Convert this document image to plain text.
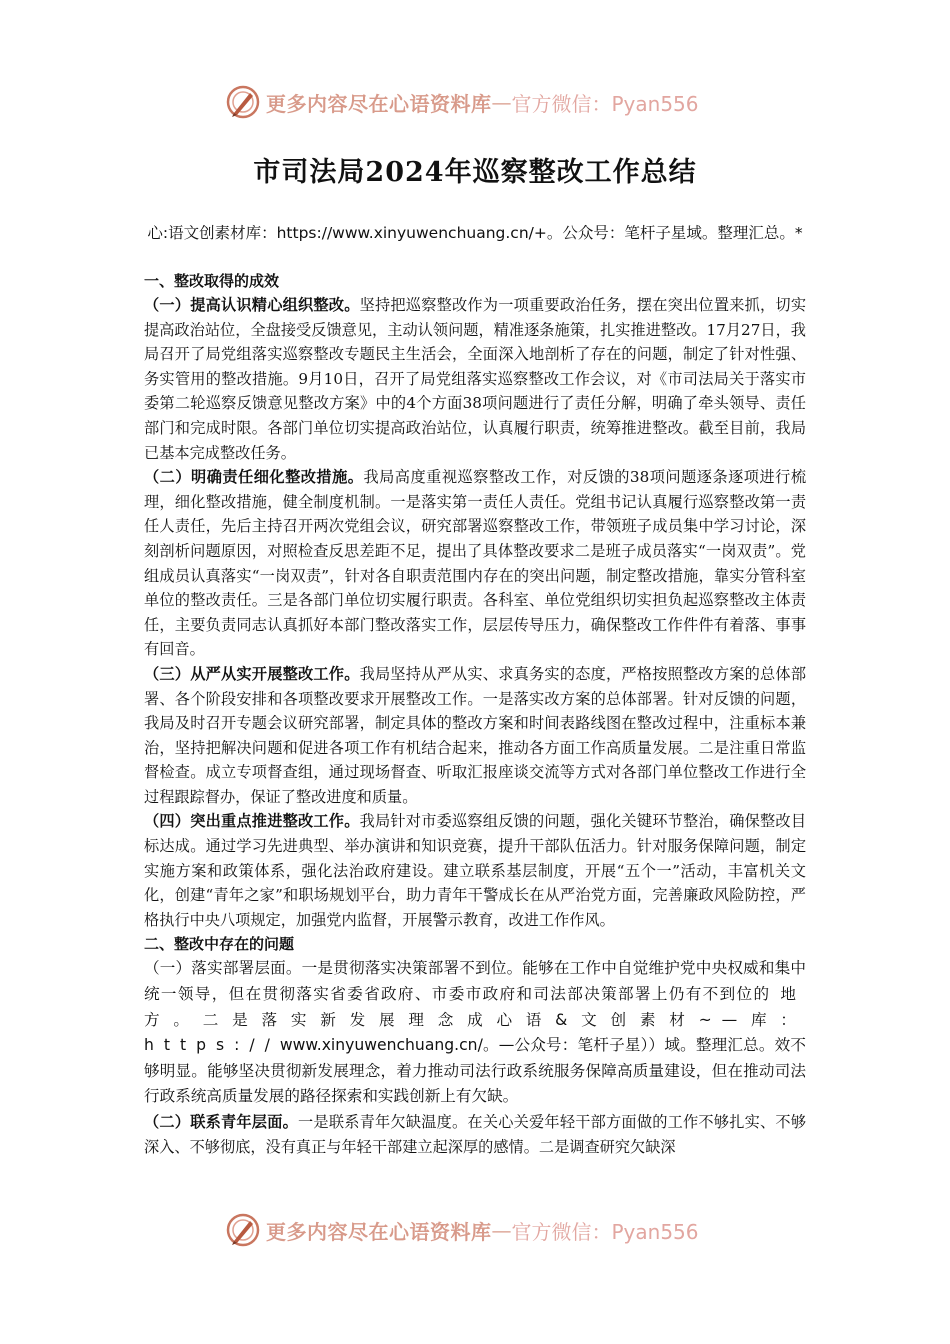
更多内容尽在心语资料库 — 官方微信：Pyan556
市司法局2024年巡察整改工作总结
心:语文创素材库：https://www.xinyuwenchuang.cn/+。公众号：笔杆子星域。整理汇总。*
一、整改取得的成效

（一）提高认识精心组织整改。坚持把巡察整改作为一项重要政治任务，摆在突出位置来抓，切实提高政治站位，全盘接受反馈意见，主动认领问题，精准逐条施策，扎实推进整改。17月27日，我局召开了局党组落实巡察整改专题民主生活会，全面深入地剖析了存在的问题，制定了针对性强、务实管用的整改措施。9月10日，召开了局党组落实巡察整改工作会议，对《市司法局关于落实市委第二轮巡察反馈意见整改方案》中的4个方面38项问题进行了责任分解，明确了牵头领导、责任部门和完成时限。各部门单位切实提高政治站位，认真履行职责，统筹推进整改。截至目前，我局已基本完成整改任务。

（二）明确责任细化整改措施。我局高度重视巡察整改工作，对反馈的38项问题逐条逐项进行梳理，细化整改措施，健全制度机制。一是落实第一责任人责任。党组书记认真履行巡察整改第一责任人责任，先后主持召开两次党组会议，研究部署巡察整改工作，带领班子成员集中学习讨论，深刻剖析问题原因，对照检查反思差距不足，提出了具体整改要求二是班子成员落实“一岗双责”。党组成员认真落实“一岗双责”，针对各自职责范围内存在的突出问题，制定整改措施，靠实分管科室单位的整改责任。三是各部门单位切实履行职责。各科室、单位党组织切实担负起巡察整改主体责任，主要负责同志认真抓好本部门整改落实工作，层层传导压力，确保整改工作件件有着落、事事有回音。

（三）从严从实开展整改工作。我局坚持从严从实、求真务实的态度，严格按照整改方案的总体部署、各个阶段安排和各项整改要求开展整改工作。一是落实改方案的总体部署。针对反馈的问题，我局及时召开专题会议研究部署，制定具体的整改方案和时间表路线图在整改过程中，注重标本兼治，坚持把解决问题和促进各项工作有机结合起来，推动各方面工作高质量发展。二是注重日常监督检查。成立专项督查组，通过现场督查、听取汇报座谈交流等方式对各部门单位整改工作进行全过程跟踪督办，保证了整改进度和质量。

（四）突出重点推进整改工作。我局针对市委巡察组反馈的问题，强化关键环节整治，确保整改目标达成。通过学习先进典型、举办演讲和知识竞赛，提升干部队伍活力。针对服务保障问题，制定实施方案和政策体系，强化法治政府建设。建立联系基层制度，开展“五个一”活动，丰富机关文化，创建“青年之家”和职场规划平台，助力青年干警成长在从严治党方面，完善廉政风险防控，严格执行中央八项规定，加强党内监督，开展警示教育，改进工作作风。

二、整改中存在的问题

（一）落实部署层面。一是贯彻落实决策部署不到位。能够在工作中自觉维护党中央权威和集中统一领导，但在贯彻落实省委省政府、市委市政府和司法部决策部署上仍有不到位的地方。二是落实新发展理念成心语&文创素材~—库：https://www.xinyuwenchuang.cn/。—公众号：笔杆子星））域。整理汇总。效不够明显。能够坚决贯彻新发展理念，着力推动司法行政系统服务保障高质量建设，但在推动司法行政系统高质量发展的路径探索和实践创新上有欠缺。

（二）联系青年层面。一是联系青年欠缺温度。在关心关爱年轻干部方面做的工作不够扎实、不够深入、不够彻底，没有真正与年轻干部建立起深厚的感情。二是调查研究欠缺深

更多内容尽在心语资料库 — 官方微信：Pyan556
